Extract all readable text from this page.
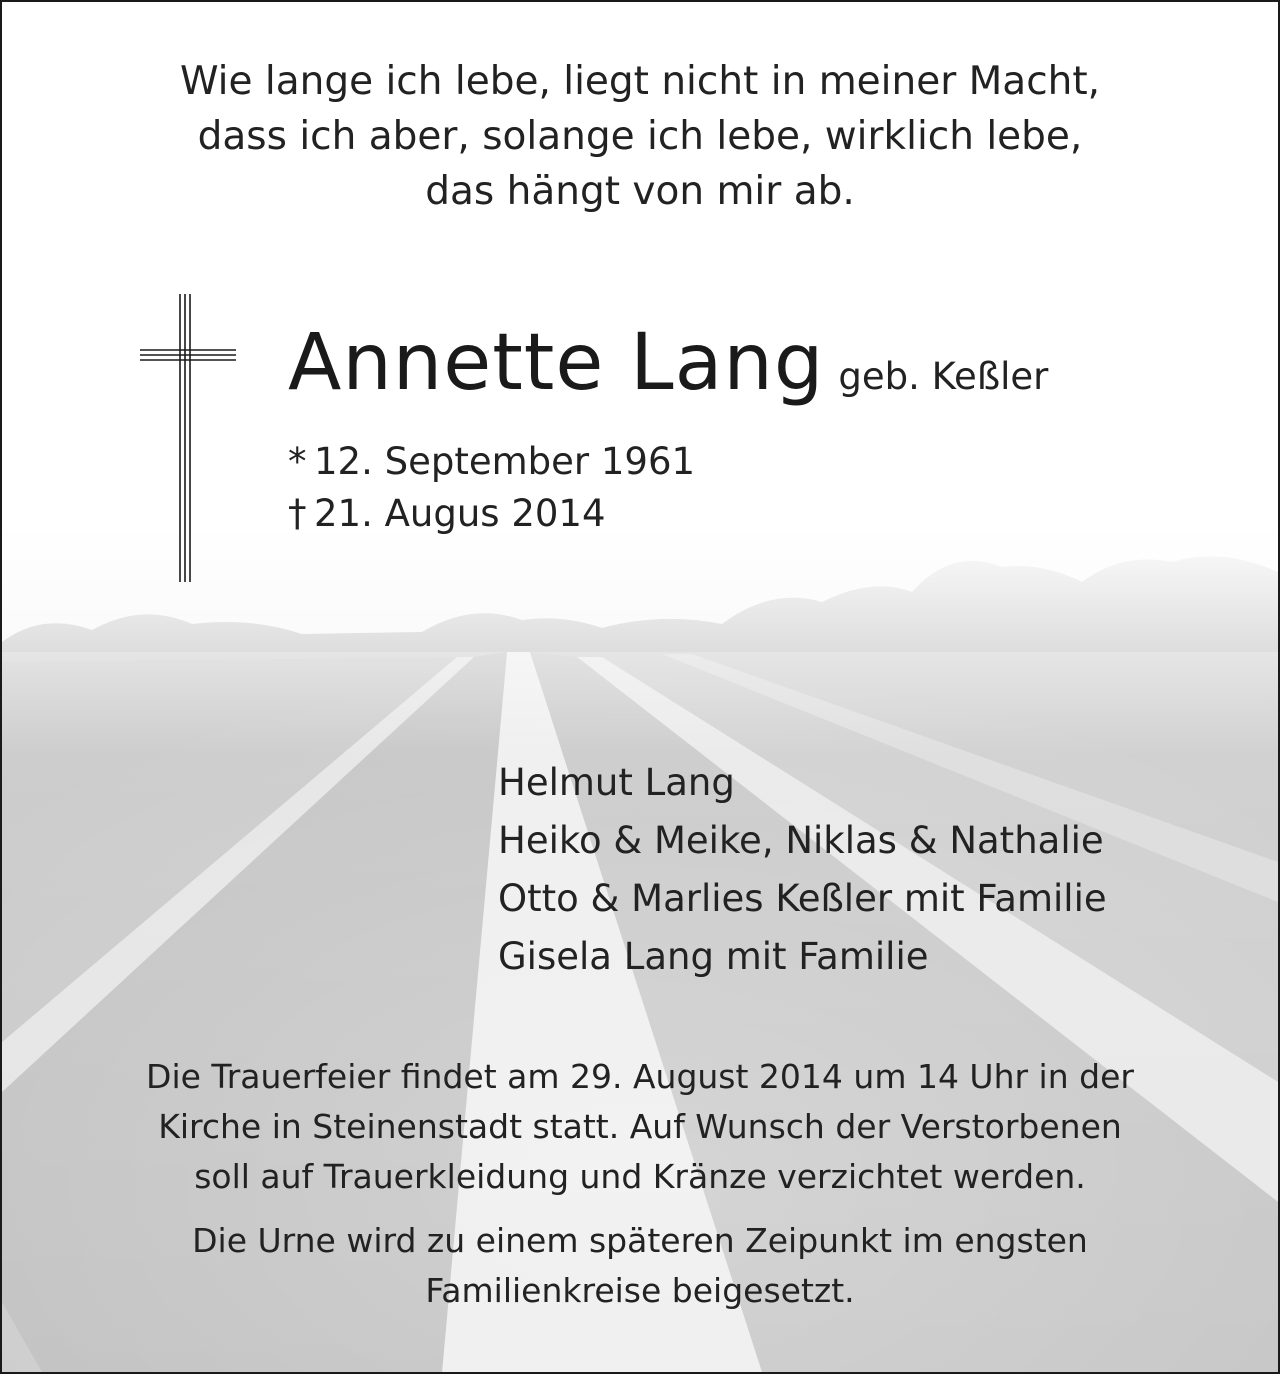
Wie lange ich lebe, liegt nicht in meiner Macht,
dass ich aber, solange ich lebe, wirklich lebe,
das hängt von mir ab.
Annette Lang geb. Keßler
* 12. September 1961
† 21. Augus 2014
Helmut Lang
Heiko & Meike, Niklas & Nathalie
Otto & Marlies Keßler mit Familie
Gisela Lang mit Familie
Die Trauerfeier findet am 29. August 2014 um 14 Uhr in der
Kirche in Steinenstadt statt. Auf Wunsch der Verstorbenen
soll auf Trauerkleidung und Kränze verzichtet werden.
Die Urne wird zu einem späteren Zeipunkt im engsten
Familienkreise beigesetzt.
